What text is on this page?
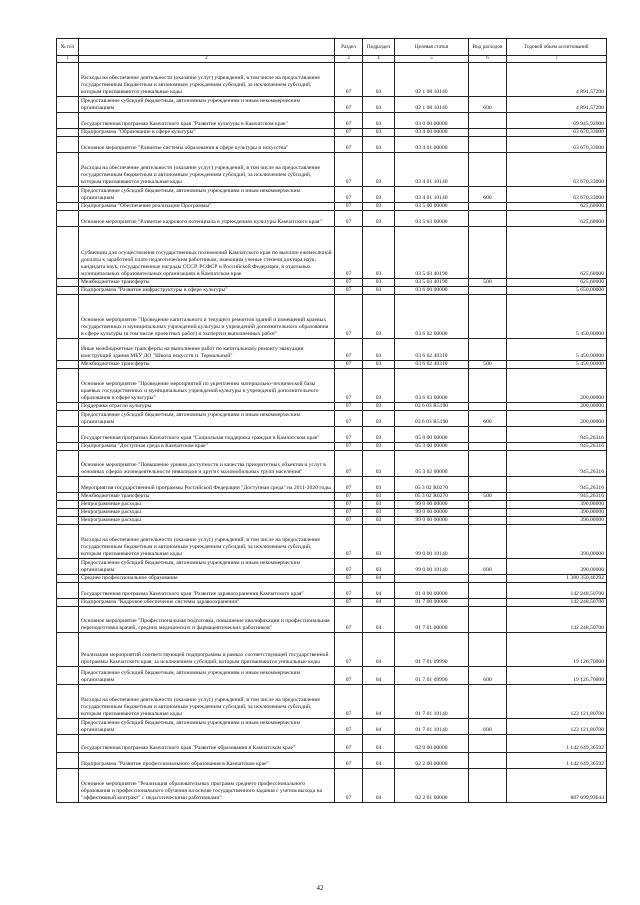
№ п/п		Раздел	Подраздел	Целевая статья	Вид расходов	Годовой объем ассигнований
1	2	3	4	5	6	7
	Расходы на обеспечение деятельности (оказание услуг) учреждений, в том числе на предоставление государственным бюджетным и автономным учреждениям субсидий, за исключением субсидий, которым присваиваются уникальные коды	07	03	02 1 08 10140		4 891,57200
	Предоставление субсидий бюджетным, автономным учреждениям и иным некоммерческим организациям	07	03	02 1 08 10140	600	4 891,57200
	Государственная программа Камчатского края "Развитие культуры в Камчатском крае"	07	03	03 0 00 00000		69 945,92000
	Подпрограмма "Образование в сфере культуры"	07	03	03 4 00 00000		63 670,33000
	Основное мероприятие "Развитие системы образования в сфере культуры и искусства"	07	03	03 4 01 00000		63 670,33000
	Расходы на обеспечение деятельности (оказание услуг) учреждений, в том числе на предоставление государственным бюджетным и автономным учреждениям субсидий, за исключением субсидий, которым присваиваются уникальные коды	07	03	03 4 01 10140		63 670,33000
	Предоставление субсидий бюджетным, автономным учреждениям и иным некоммерческим организациям	07	03	03 4 01 10140	600	63 670,33000
	Подпрограмма "Обеспечение реализации Программы"	07	03	03 5 00 00000		625,60000
	Основное мероприятие "Развитие кадрового потенциала в учреждениях культуры Камчатского края"	07	03	03 5 03 00000		625,60000
	Субвенции для осуществления государственных полномочий Камчатского края по выплате ежемесячной доплаты к заработной плате педагогическим работникам, имеющим ученые степени доктора наук, кандидата наук, государственные награды СССР, РСФСР и Российской Федерации, в отдельных муниципальных образовательных организациях в Камчатском крае	07	03	03 5 03 40190		625,60000
	Межбюджетные трансферты	07	03	03 5 03 40190	500	625,60000
	Подпрограмма "Развитие инфраструктуры в сфере культуры"	07	03	03 6 00 00000		5 650,00000
	Основное мероприятие "Проведение капитального и текущего ремонтов зданий и помещений краевых государственных и муниципальных учреждений культуры и учреждений дополнительного образования в сфере культуры (в том числе проектных работ) и экспертиз выполненных работ"	07	03	03 6 02 00000		5 450,00000
	Иные межбюджетные трансферты на выполнение работ по капитальному ремонту эвакуации конструкций здания МБУ ДО "Школа искусств п. Термальный"	07	03	03 6 02 40310		5 450,00000
	Межбюджетные трансферты	07	03	03 6 02 40310	500	5 450,00000
	Основное мероприятие "Проведение мероприятий по укреплению материально-технической базы краевых государственных и муниципальных учреждений культуры и учреждений дополнительного образования в сфере культуры"	07	03	03 6 03 00000		200,00000
	Поддержка отрасли культуры	07	03	03 6 03 R5190		200,00000
	Предоставление субсидий бюджетным, автономным учреждениям и иным некоммерческим организациям	07	03	03 6 03 R5190	600	200,00000
	Государственная программа Камчатского края "Социальная поддержка граждан в Камчатском крае"	07	03	05 0 00 00000		945,26316
	Подпрограмма "Доступная среда в Камчатском крае"	07	03	05 3 00 00000		945,26316
	Основное мероприятие "Повышение уровня доступности и качества приоритетных объектов и услуг в основных сферах жизнедеятельности инвалидов и других маломобильных групп населения"	07	03	05 3 02 00000		945,26316
	Мероприятия государственной программы Российской Федерации "Доступная среда" на 2011-2020 годы	07	03	05 3 02 R0270		945,26316
	Межбюджетные трансферты	07	03	05 3 02 R0270	500	945,26316
	Непрограммные расходы	07	03	99 0 00 00000		390,00000
	Непрограммные расходы	07	03	99 0 00 00000		390,00000
	Непрограммные расходы	07	03	99 0 00 00000		390,00000
	Расходы на обеспечение деятельности (оказание услуг) учреждений, в том числе на предоставление государственным бюджетным и автономным учреждениям субсидий, за исключением субсидий, которым присваиваются уникальные коды	07	03	99 0 00 10140		390,00000
	Предоставление субсидий бюджетным, автономным учреждениям и иным некоммерческим организациям	07	03	99 0 00 10140	600	390,00000
	Среднее профессиональное образование	07	04			1 380 350,46292
	Государственная программа Камчатского края "Развитие здравоохранения Камчатского края"	07	04	01 0 00 00000		142 248,50700
	Подпрограмма "Кадровое обеспечение системы здравоохранения"	07	04	01 7 00 00000		142 248,50700
	Основное мероприятие "Профессиональная подготовка, повышение квалификации и профессиональная переподготовка врачей, средних медицинских и фармацевтических работников"	07	04	01 7 01 00000		142 248,50700
	Реализация мероприятий соответствующей подпрограммы в рамках соответствующей государственной программы Камчатского края, за исключением субсидий, которым присваиваются уникальные коды	07	04	01 7 01 09990		19 126,70000
	Предоставление субсидий бюджетным, автономным учреждениям и иным некоммерческим организациям	07	04	01 7 01 09990	600	19 126,70000
	Расходы на обеспечение деятельности (оказание услуг) учреждений, в том числе на предоставление государственным бюджетным и автономным учреждениям субсидий, за исключением субсидий, которым присваиваются уникальные коды	07	04	01 7 01 10140		123 121,80700
	Предоставление субсидий бюджетным, автономным учреждениям и иным некоммерческим организациям	07	04	01 7 01 10140	600	123 121,80700
	Государственная программа Камчатского края "Развитие образования в Камчатском крае"	07	04	02 0 00 00000		1 142 649,36592
	Подпрограмма "Развитие профессионального образования в Камчатском крае"	07	04	02 2 00 00000		1 142 649,36592
	Основное мероприятие "Реализация образовательных программ среднего профессионального образования и профессионального обучения на основе государственного задания с учетом выхода на "эффективный контракт" с педагогическими работниками"	07	04	02 2 01 00000		887 699,93644
42
